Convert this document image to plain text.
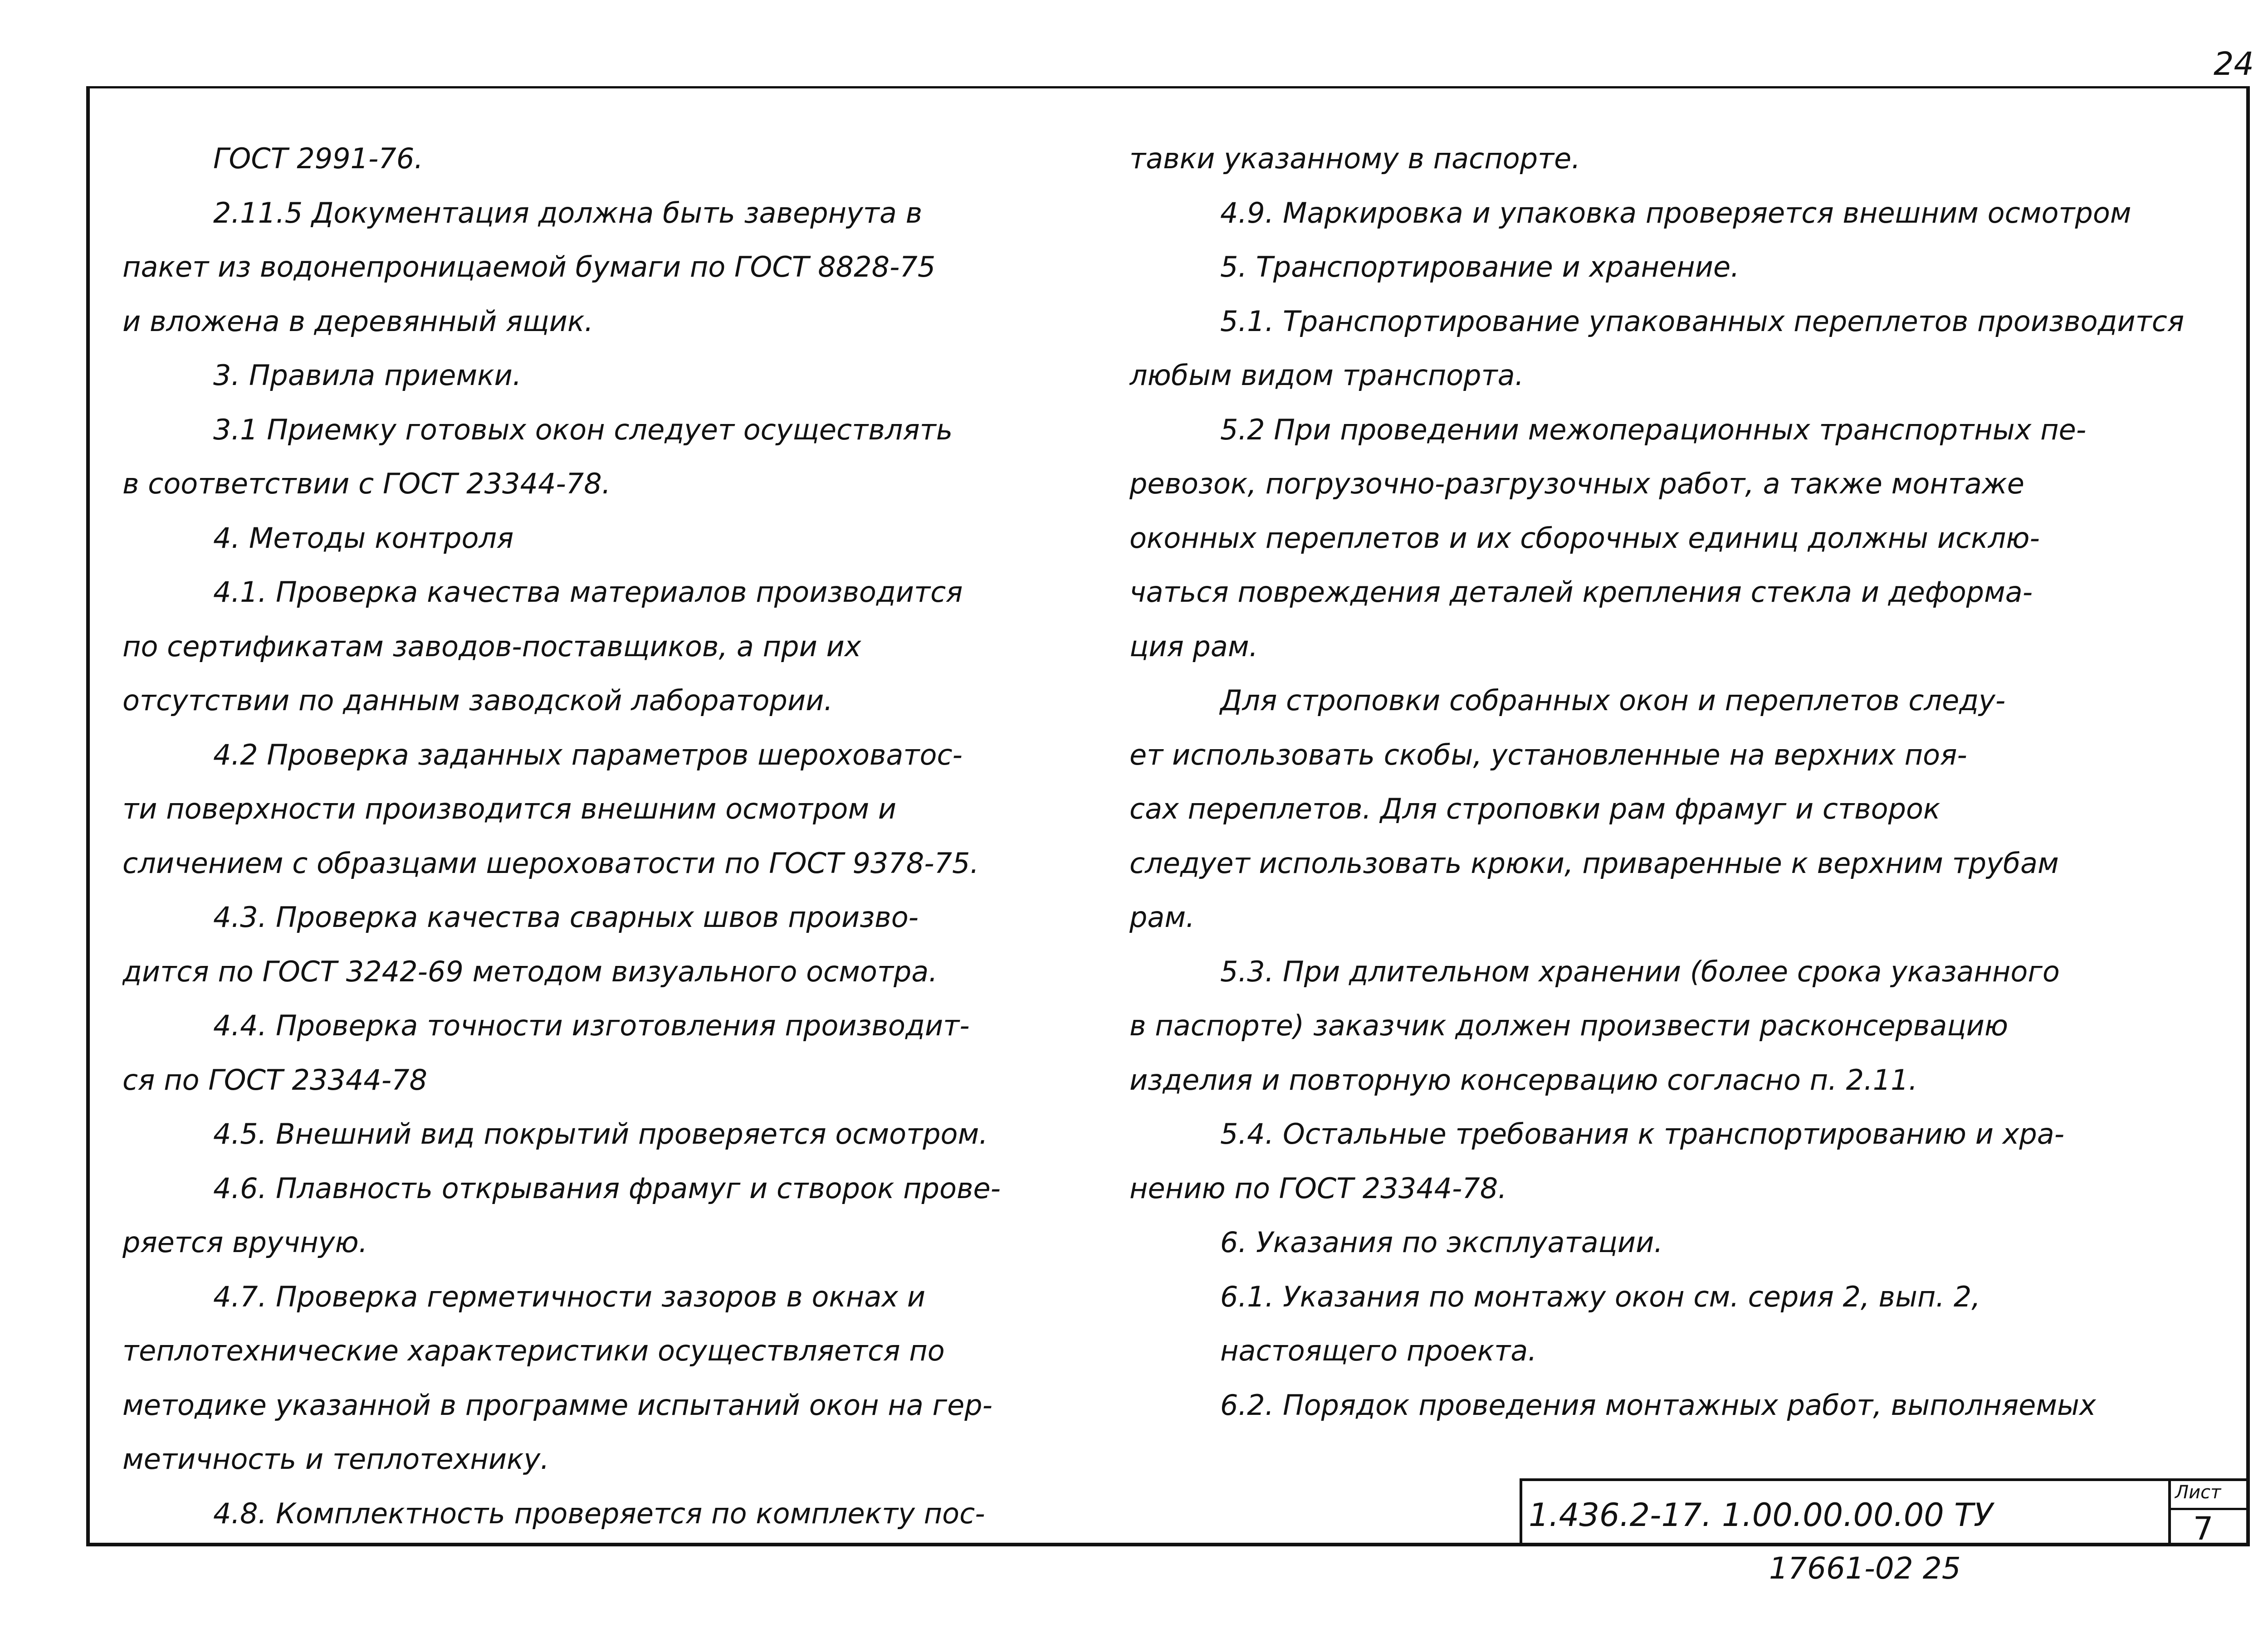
24
ГОСТ 2991-76.
2.11.5 Документация должна быть завернута в
пакет из водонепроницаемой бумаги по ГОСТ 8828-75
и вложена в деревянный ящик.
3. Правила приемки.
3.1 Приемку готовых окон следует осуществлять
в соответствии с ГОСТ 23344-78.
4. Методы контроля
4.1. Проверка качества материалов производится
по сертификатам заводов-поставщиков, а при их
отсутствии по данным заводской лаборатории.
4.2 Проверка заданных параметров шероховатос-
ти поверхности производится внешним осмотром и
сличением с образцами шероховатости по ГОСТ 9378-75.
4.3. Проверка качества сварных швов произво-
дится по ГОСТ 3242-69 методом визуального осмотра.
4.4. Проверка точности изготовления производит-
ся по ГОСТ 23344-78
4.5. Внешний вид покрытий проверяется осмотром.
4.6. Плавность открывания фрамуг и створок прове-
ряется вручную.
4.7. Проверка герметичности зазоров в окнах и
теплотехнические характеристики осуществляется по
методике указанной в программе испытаний окон на гер-
метичность и теплотехнику.
4.8. Комплектность проверяется по комплекту пос-
тавки указанному в паспорте.
4.9. Маркировка и упаковка проверяется внешним осмотром
5. Транспортирование и хранение.
5.1. Транспортирование упакованных переплетов производится
любым видом транспорта.
5.2 При проведении межоперационных транспортных пе-
ревозок, погрузочно-разгрузочных работ, а также монтаже
оконных переплетов и их сборочных единиц должны исклю-
чаться повреждения деталей крепления стекла и деформа-
ция рам.
Для строповки собранных окон и переплетов следу-
ет использовать скобы, установленные на верхних поя-
сах переплетов. Для строповки рам фрамуг и створок
следует использовать крюки, приваренные к верхним трубам
рам.
5.3. При длительном хранении (более срока указанного
в паспорте) заказчик должен произвести расконсервацию
изделия и повторную консервацию согласно п. 2.11.
5.4. Остальные требования к транспортированию и хра-
нению по ГОСТ 23344-78.
6. Указания по эксплуатации.
6.1. Указания по монтажу окон см. серия 2, вып. 2,
настоящего проекта.
6.2. Порядок проведения монтажных работ, выполняемых
1.436.2-17. 1.00.00.00.00 ТУ
Лист
7
17661-02 25
